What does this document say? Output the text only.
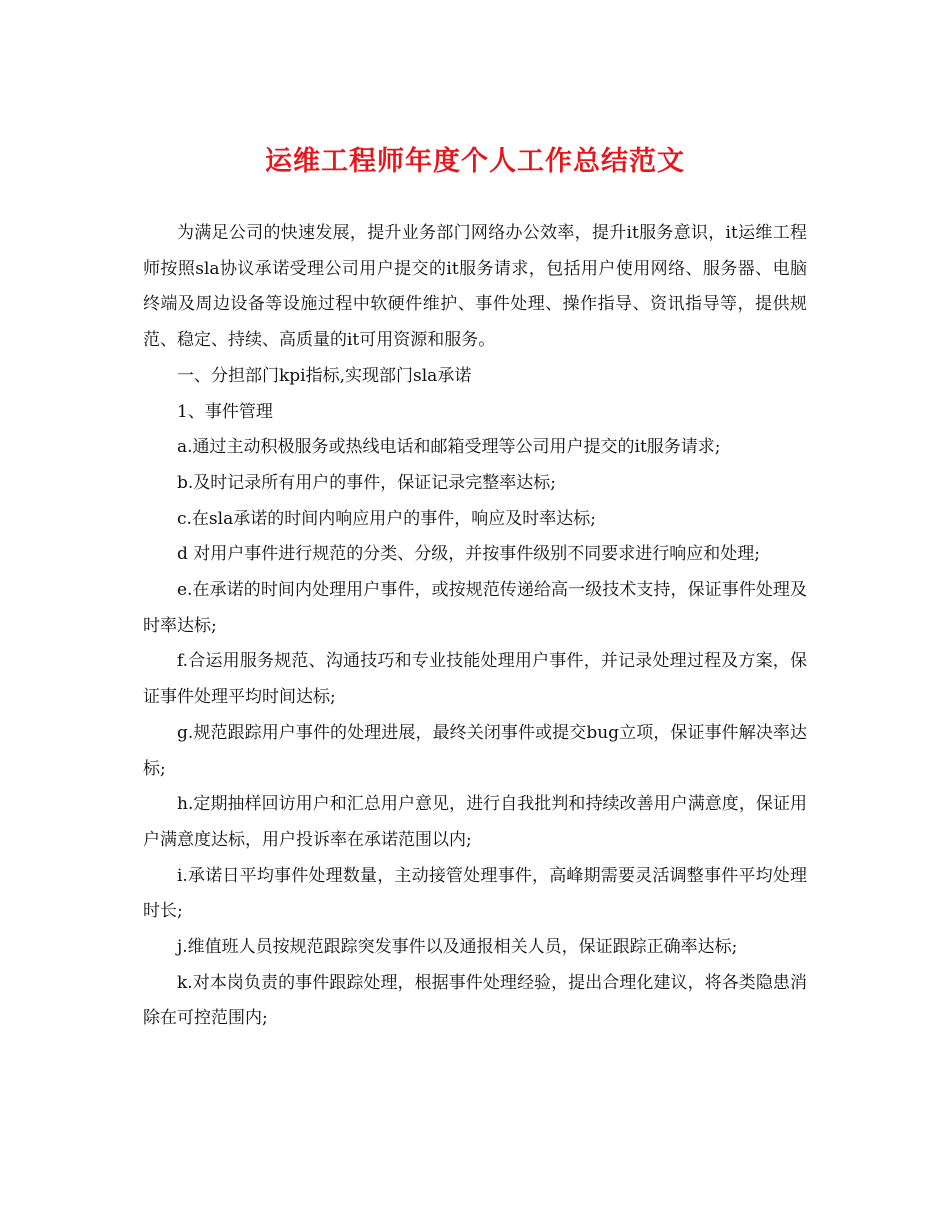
运维工程师年度个人工作总结范文

为满足公司的快速发展，提升业务部门网络办公效率，提升it服务意识，it运维工程师按照sla协议承诺受理公司用户提交的it服务请求，包括用户使用网络、服务器、电脑终端及周边设备等设施过程中软硬件维护、事件处理、操作指导、资讯指导等，提供规范、稳定、持续、高质量的it可用资源和服务。

一、分担部门kpi指标,实现部门sla承诺

1、事件管理

a.通过主动积极服务或热线电话和邮箱受理等公司用户提交的it服务请求;

b.及时记录所有用户的事件，保证记录完整率达标;

c.在sla承诺的时间内响应用户的事件，响应及时率达标;

d 对用户事件进行规范的分类、分级，并按事件级别不同要求进行响应和处理;

e.在承诺的时间内处理用户事件，或按规范传递给高一级技术支持，保证事件处理及时率达标;

f.合运用服务规范、沟通技巧和专业技能处理用户事件，并记录处理过程及方案，保证事件处理平均时间达标;

g.规范跟踪用户事件的处理进展，最终关闭事件或提交bug立项，保证事件解决率达标;

h.定期抽样回访用户和汇总用户意见，进行自我批判和持续改善用户满意度，保证用户满意度达标，用户投诉率在承诺范围以内;

i.承诺日平均事件处理数量，主动接管处理事件，高峰期需要灵活调整事件平均处理时长;

j.维值班人员按规范跟踪突发事件以及通报相关人员，保证跟踪正确率达标;

k.对本岗负责的事件跟踪处理，根据事件处理经验，提出合理化建议，将各类隐患消除在可控范围内;
